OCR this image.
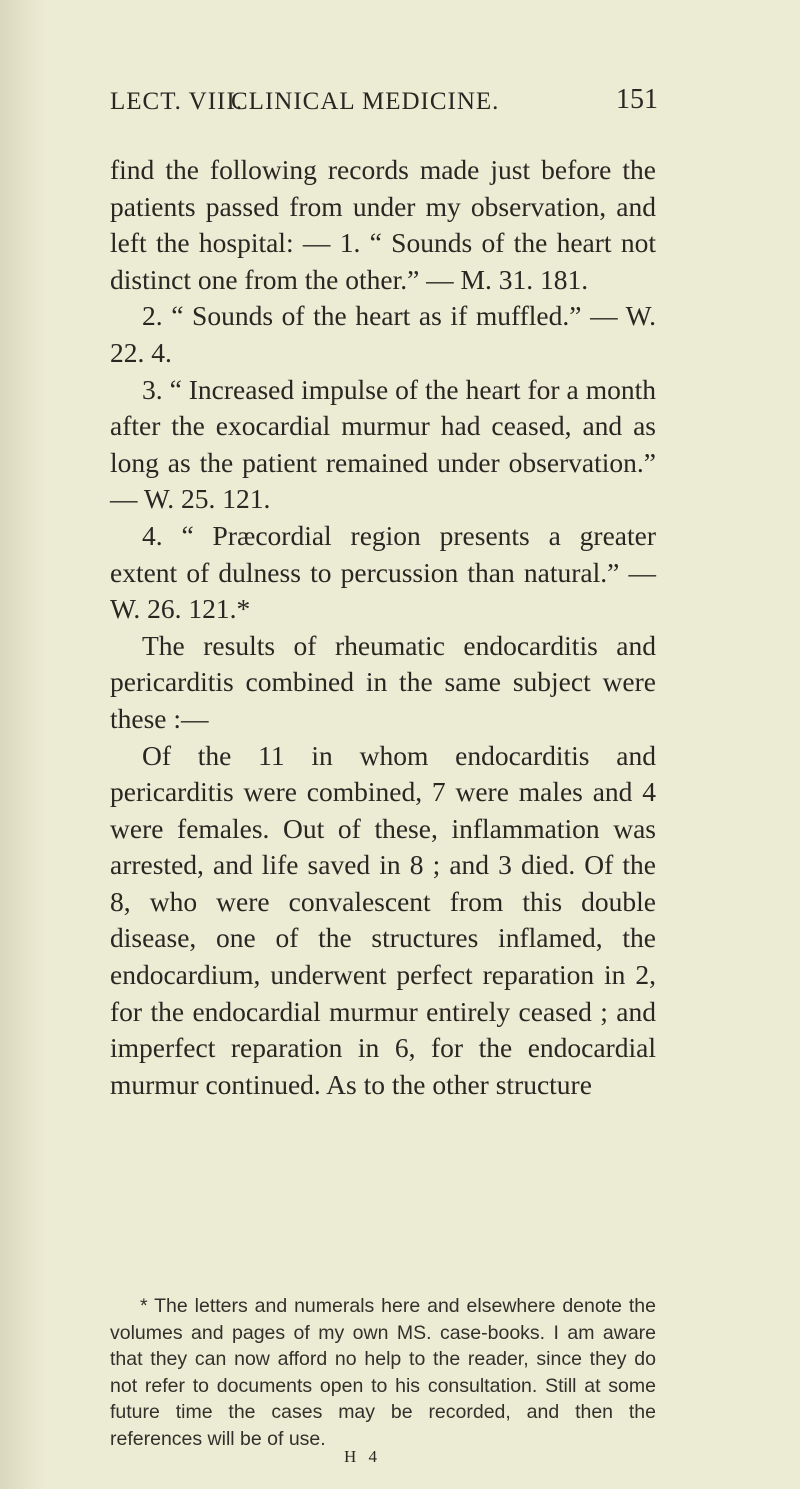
LECT. VIII.
CLINICAL MEDICINE.	151

find the following records made just before the patients passed from under my observation, and left the hospital: — 1. “ Sounds of the heart not distinct one from the other.” — M. 31. 181.

2. “ Sounds of the heart as if muffled.” — W. 22. 4.

3. “ Increased impulse of the heart for a month after the exocardial murmur had ceased, and as long as the patient remained under observation.” — W. 25. 121.

4. “ Præcordial region presents a greater extent of dulness to percussion than natural.” — W. 26. 121.*

The results of rheumatic endocarditis and pericarditis combined in the same subject were these :—

Of the 11 in whom endocarditis and pericarditis were combined, 7 were males and 4 were females. Out of these, inflammation was arrested, and life saved in 8 ; and 3 died. Of the 8, who were convalescent from this double disease, one of the structures inflamed, the endocardium, underwent perfect reparation in 2, for the endocardial murmur entirely ceased ; and imperfect reparation in 6, for the endocardial murmur continued. As to the other structure

* The letters and numerals here and elsewhere denote the volumes and pages of my own MS. case-books. I am aware that they can now afford no help to the reader, since they do not refer to documents open to his consultation. Still at some future time the cases may be recorded, and then the references will be of use.

H 4
